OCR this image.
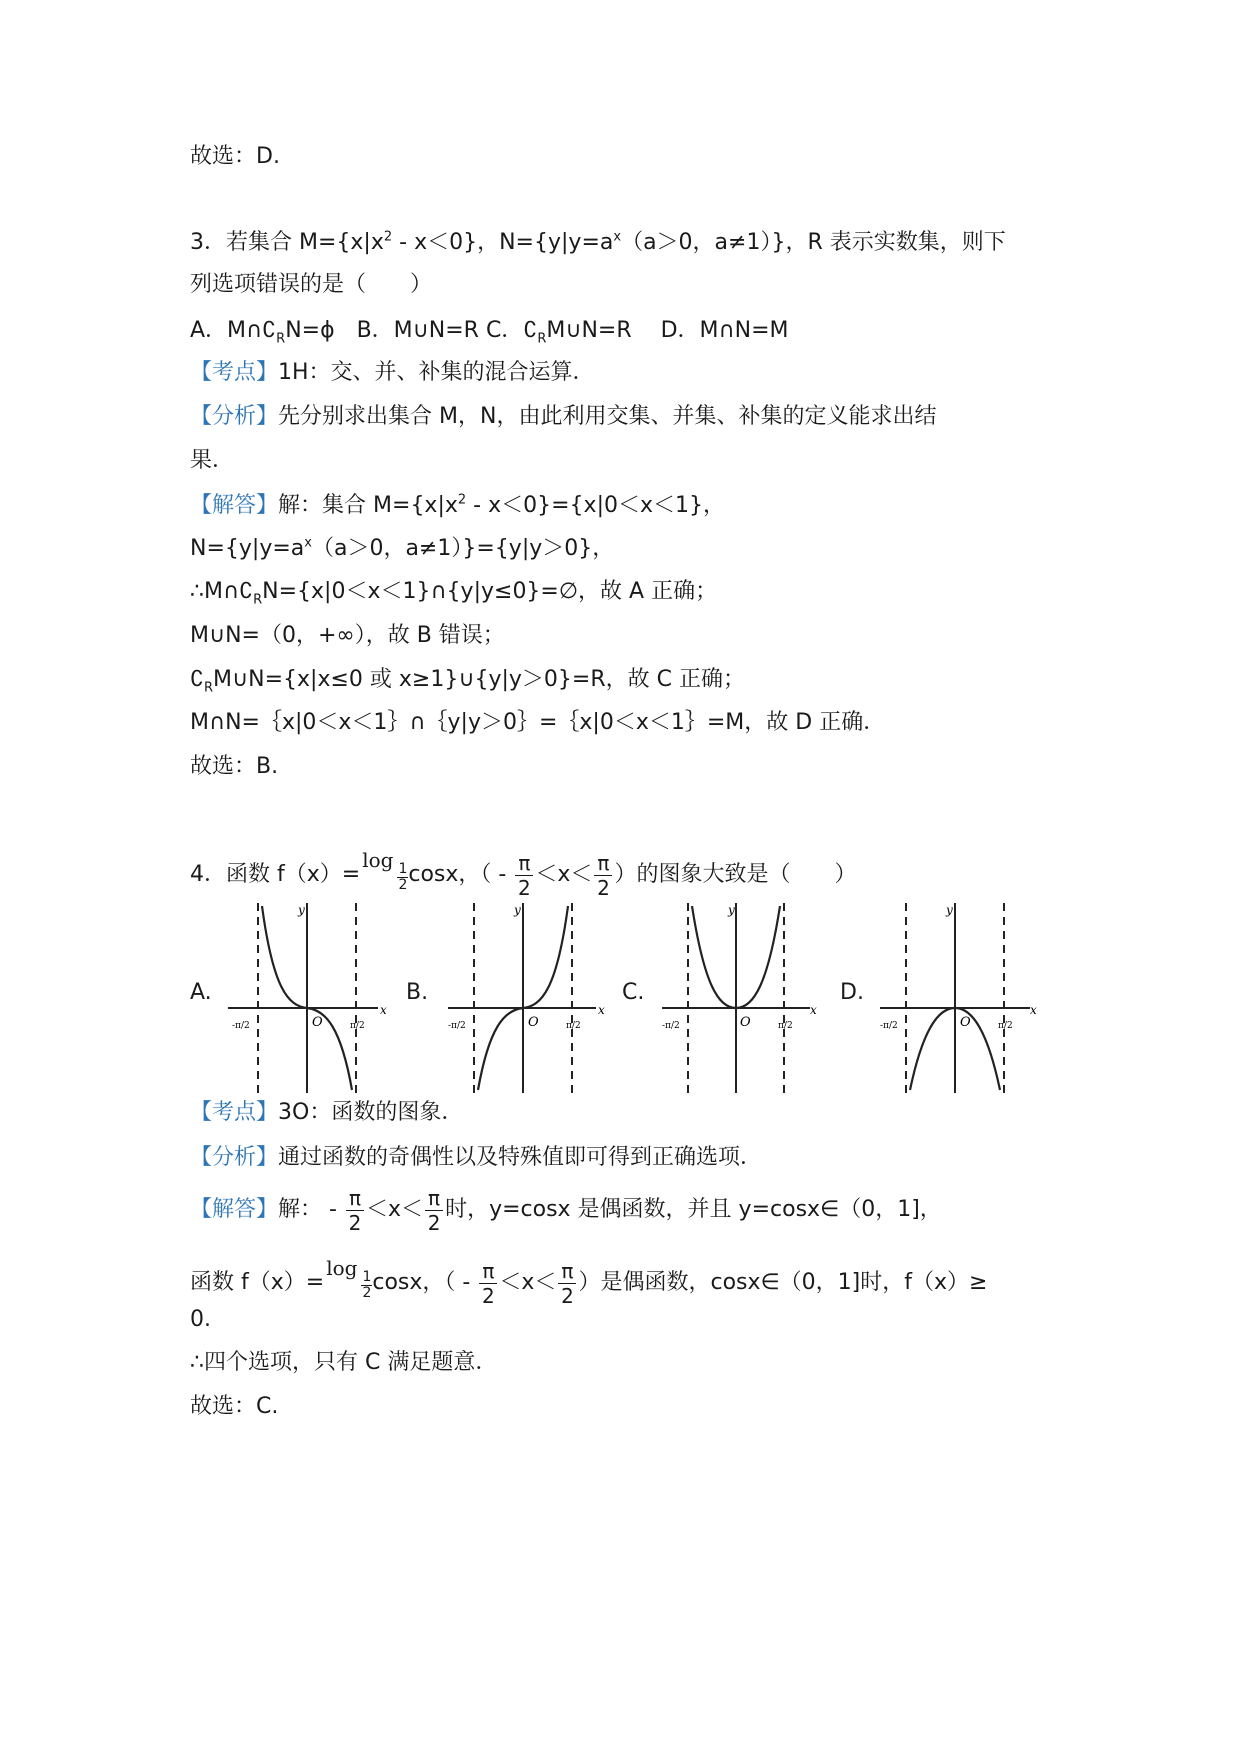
故选：D.
3．若集合 $M=\{x|x^2 - x<0\}$，$N=\{y|y=a^x(a>0$，a≠1）}，R 表示实数集，则下
列选项错误的是（　　）
A．$M\cap∁_RN=\phi$　B．M∪N=R C．$∁_RM\cup N=R$　 D．M∩N=M
【考点】1H：交、并、补集的混合运算．
【分析】先分别求出集合 M，N，由此利用交集、并集、补集的定义能求出结
果．
【解答】解：集合 $M=\{x|x^2 - x<0\}=\{x|0<x<1\}$，
$N=\{y|y=a^x(a>0$，a≠1）}={y|y＞0}，
$\therefore M\cap∁_RN=\{x|0<x<1\}\cap\{y|y\le 0\}=\emptyset$，故 A 正确；
M∪N=（0，+∞），故 B 错误；
$∁_RM\cup N=\{x|x\le 0$ 或 x≥1}∪{y|y＞0}=R，故 C 正确；
M∩N=｛x|0＜x＜1｝∩｛y|y＞0｝=｛x|0＜x＜1｝=M，故 D 正确．
故选：B.
4．函数 f（x）=log
$\frac{1}{2}\cos x$，（ - $\frac{\pi}{2} <x< \frac{\pi}{2}$ ）的图象大致是（　　）
A.	B.	C.	D.
x
y
O
-π/2	π/2
x
y
O
-π/2	π/2
x
y
O
-π/2	π/2
x
y
O
-π/2	π/2
【考点】3O：函数的图象．
【分析】通过函数的奇偶性以及特殊值即可得到正确选项．
【解答】解： - $\frac{\pi}{2} <x< \frac{\pi}{2}$ 时，y=cosx 是偶函数，并且 y=cosx∈（0，1]，
函数 f（x）=log
$\frac{1}{2}\cos x$，（ - $\frac{\pi}{2} <x< \frac{\pi}{2}$ ）是偶函数，cosx∈（0，1]时，f（x）≥
0.
∴四个选项，只有 C 满足题意．
故选：C.
